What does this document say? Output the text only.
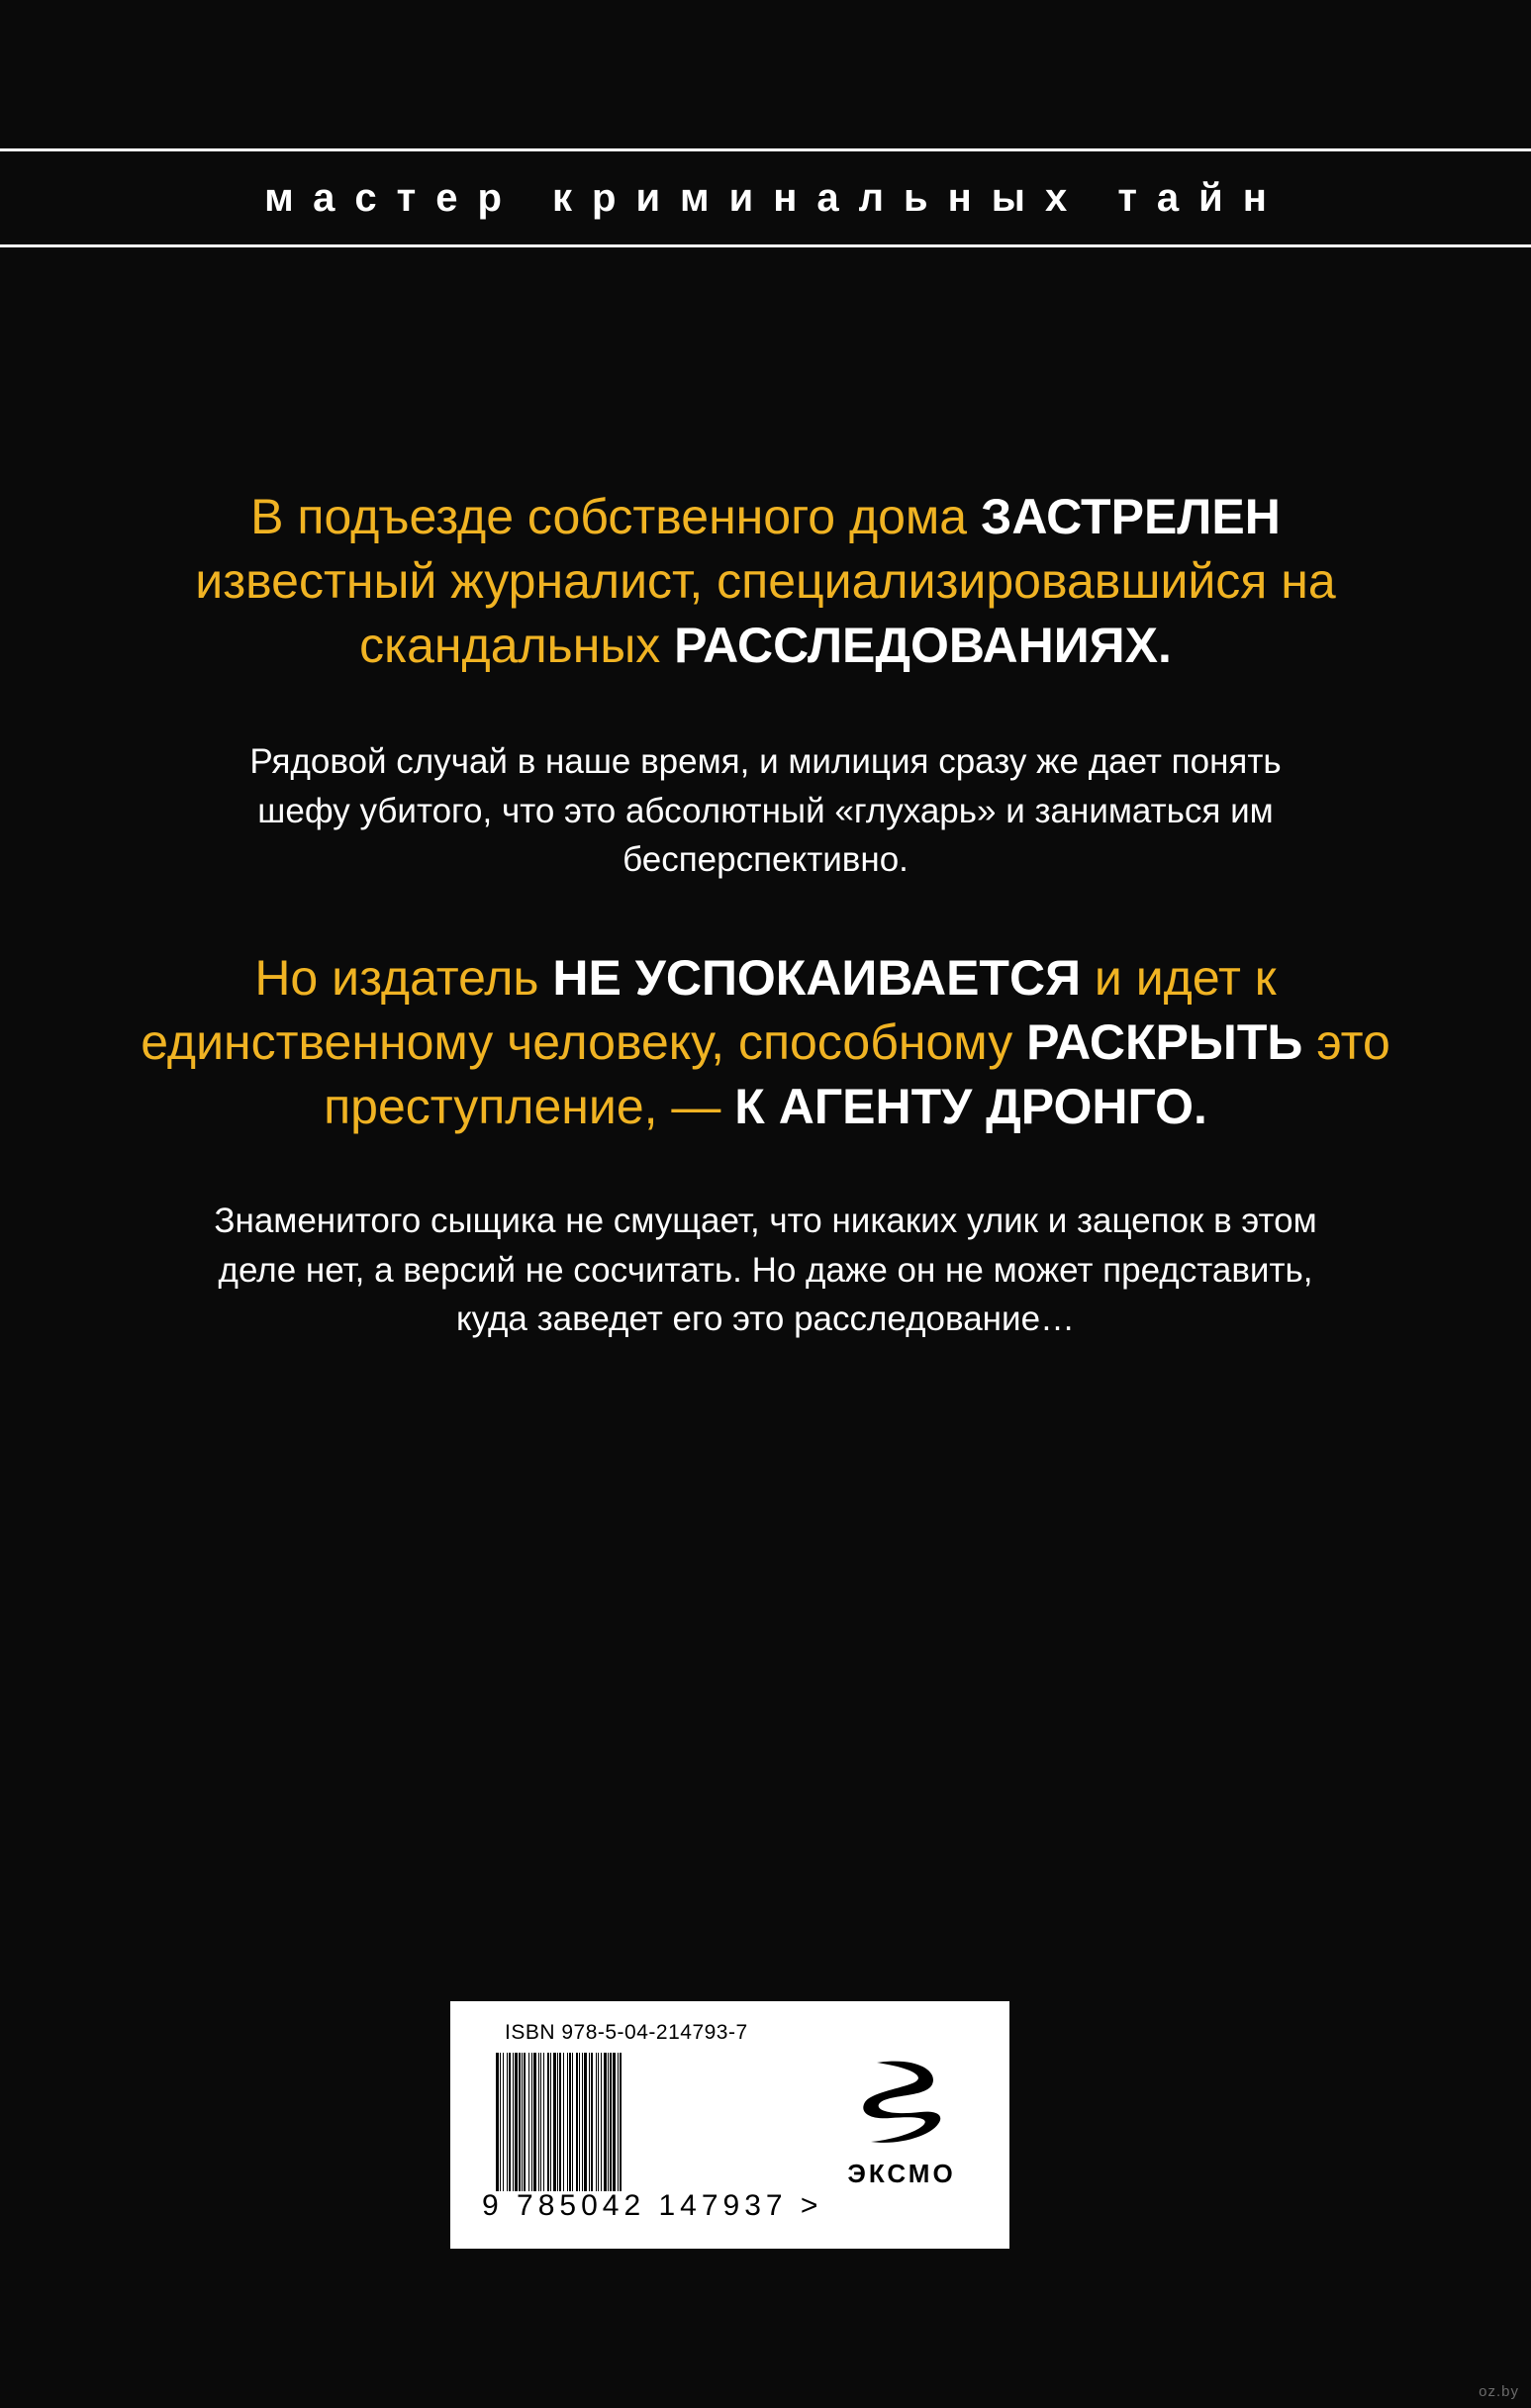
мастер криминальных тайн

В подъезде собственного дома ЗАСТРЕЛЕН известный журналист, специализировавшийся на скандальных РАССЛЕДОВАНИЯХ.

Рядовой случай в наше время, и милиция сразу же дает понять шефу убитого, что это абсолютный «глухарь» и заниматься им бесперспективно.

Но издатель НЕ УСПОКАИВАЕТСЯ и идет к единственному человеку, способному РАСКРЫТЬ это преступление, — К АГЕНТУ ДРОНГО.

Знаменитого сыщика не смущает, что никаких улик и зацепок в этом деле нет, а версий не сосчитать. Но даже он не может представить, куда заведет его это расследование…

ISBN 978-5-04-214793-7
9 785042 147937 >
ЭКСМО
oz.by
